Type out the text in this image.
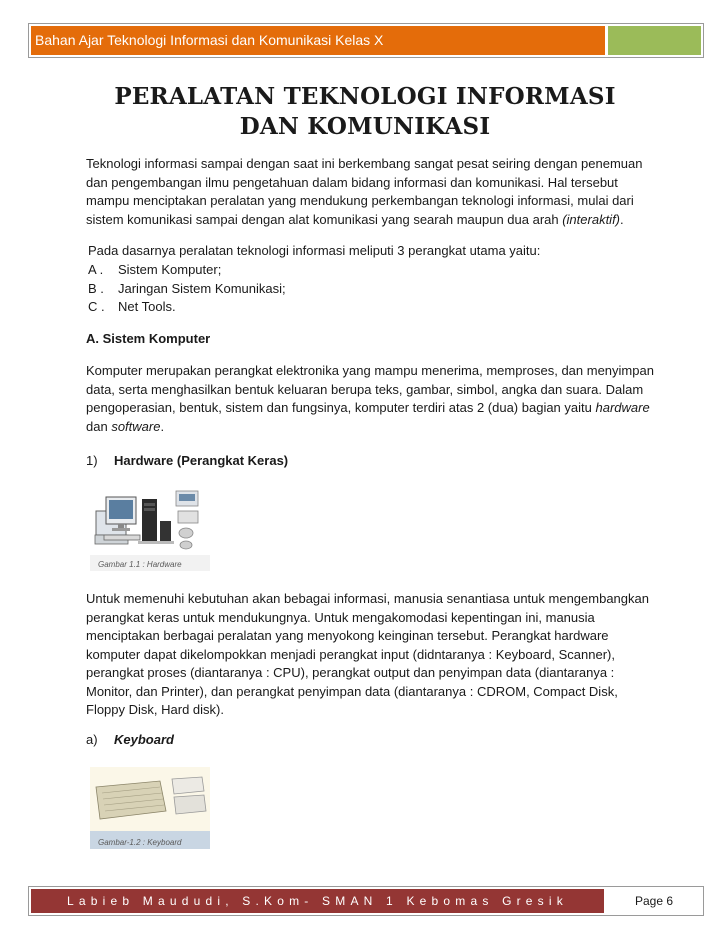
Bahan Ajar Teknologi Informasi dan Komunikasi Kelas X
PERALATAN TEKNOLOGI INFORMASI
DAN KOMUNIKASI
Teknologi informasi sampai dengan saat ini berkembang sangat pesat seiring dengan penemuan dan pengembangan ilmu pengetahuan dalam bidang informasi dan komunikasi. Hal tersebut mampu menciptakan peralatan yang mendukung perkembangan teknologi informasi, mulai dari sistem komunikasi sampai dengan alat komunikasi yang searah maupun dua arah (interaktif).
Pada dasarnya peralatan teknologi informasi meliputi 3 perangkat utama yaitu:
A . Sistem Komputer;
B . Jaringan Sistem Komunikasi;
C . Net Tools.
A. Sistem Komputer
Komputer merupakan perangkat elektronika yang mampu menerima, memproses, dan menyimpan data, serta menghasilkan bentuk keluaran berupa teks, gambar, simbol, angka dan suara. Dalam pengoperasian, bentuk, sistem dan fungsinya, komputer terdiri atas 2 (dua) bagian yaitu hardware dan software.
1) Hardware (Perangkat Keras)
Gambar 1.1 : Hardware
Untuk memenuhi kebutuhan akan bebagai informasi, manusia senantiasa untuk mengembangkan perangkat keras untuk mendukungnya. Untuk mengakomodasi kepentingan ini, manusia menciptakan berbagai peralatan yang menyokong keinginan tersebut. Perangkat hardware komputer dapat dikelompokkan menjadi perangkat input (didntaranya : Keyboard, Scanner), perangkat proses (diantaranya : CPU), perangkat output dan penyimpan data (diantaranya : Monitor, dan Printer), dan perangkat penyimpan data (diantaranya : CDROM, Compact Disk, Floppy Disk, Hard disk).
a) Keyboard
Gambar-1.2 : Keyboard
Labieb Maududi, S.Kom- SMAN 1 Kebomas Gresik	Page 6
